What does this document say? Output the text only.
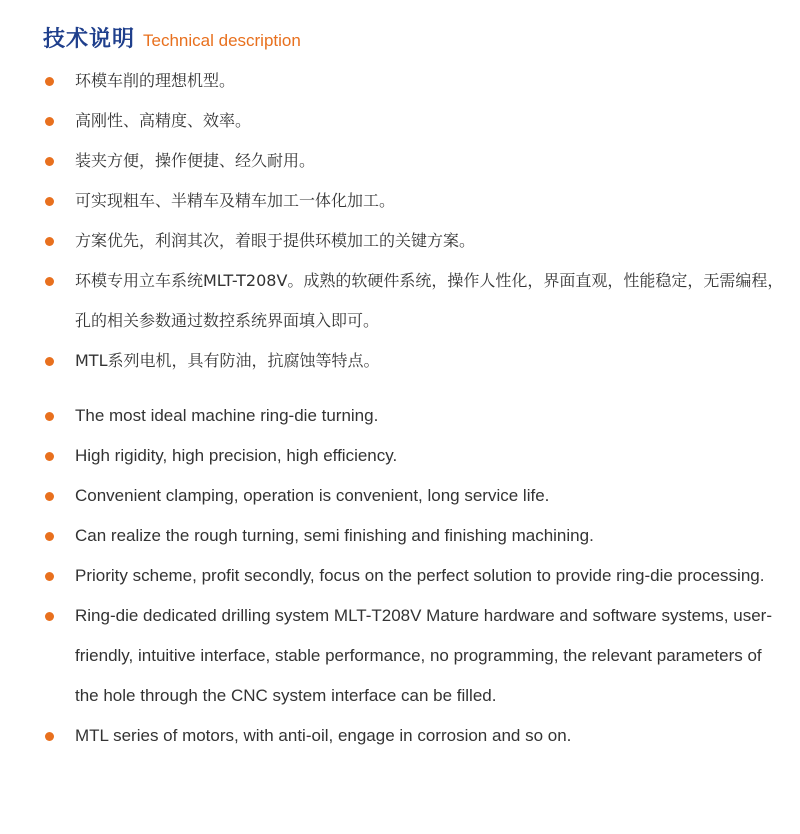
技术说明 Technical description
环模车削的理想机型。
高刚性、高精度、效率。
装夹方便，操作便捷、经久耐用。
可实现粗车、半精车及精车加工一体化加工。
方案优先，利润其次，着眼于提供环模加工的关键方案。
环模专用立车系统MLT-T208V。成熟的软硬件系统，操作人性化，界面直观，性能稳定，无需编程，孔的相关参数通过数控系统界面填入即可。
MTL系列电机，具有防油，抗腐蚀等特点。
The most ideal machine ring-die turning.
High rigidity, high precision, high efficiency.
Convenient clamping, operation is convenient, long service life.
Can realize the rough turning, semi finishing and finishing machining.
Priority scheme, profit secondly, focus on the perfect solution to provide ring-die processing.
Ring-die dedicated drilling system MLT-T208V Mature hardware and software systems, user-friendly, intuitive interface, stable performance, no programming, the relevant parameters of the hole through the CNC system interface can be filled.
MTL series of motors, with anti-oil, engage in corrosion and so on.
